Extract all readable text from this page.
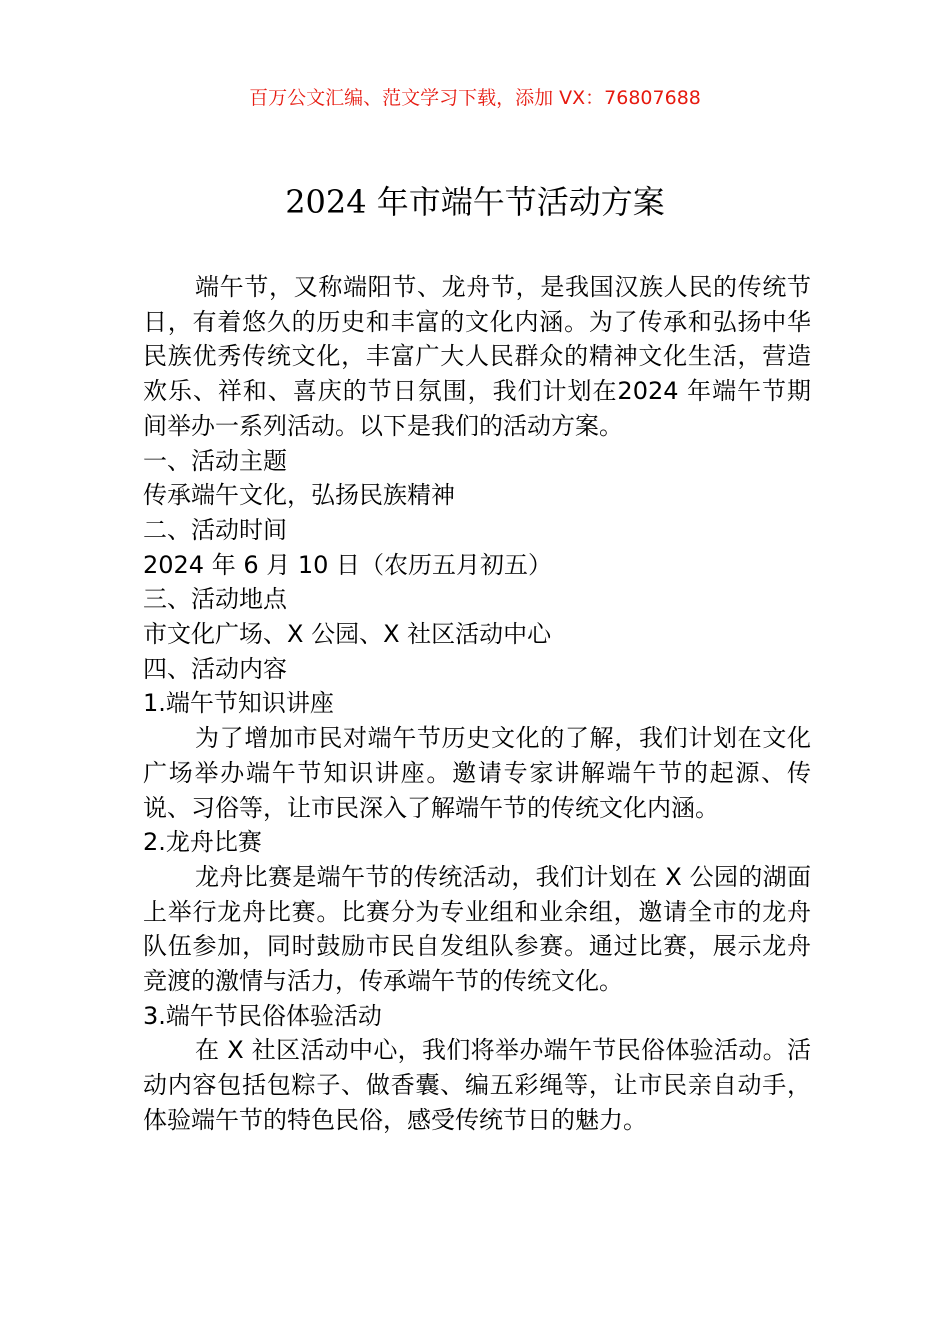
百万公文汇编、范文学习下载，添加 VX：76807688
2024 年市端午节活动方案

端午节，又称端阳节、龙舟节，是我国汉族人民的传统节日，有着悠久的历史和丰富的文化内涵。为了传承和弘扬中华民族优秀传统文化，丰富广大人民群众的精神文化生活，营造欢乐、祥和、喜庆的节日氛围，我们计划在2024 年端午节期间举办一系列活动。以下是我们的活动方案。

一、活动主题

传承端午文化，弘扬民族精神

二、活动时间

2024 年 6 月 10 日（农历五月初五）

三、活动地点

市文化广场、X 公园、X 社区活动中心

四、活动内容

1.端午节知识讲座

为了增加市民对端午节历史文化的了解，我们计划在文化广场举办端午节知识讲座。邀请专家讲解端午节的起源、传说、习俗等，让市民深入了解端午节的传统文化内涵。

2.龙舟比赛

龙舟比赛是端午节的传统活动，我们计划在 X 公园的湖面上举行龙舟比赛。比赛分为专业组和业余组，邀请全市的龙舟队伍参加，同时鼓励市民自发组队参赛。通过比赛，展示龙舟竞渡的激情与活力，传承端午节的传统文化。

3.端午节民俗体验活动

在 X 社区活动中心，我们将举办端午节民俗体验活动。活动内容包括包粽子、做香囊、编五彩绳等，让市民亲自动手，体验端午节的特色民俗，感受传统节日的魅力。
